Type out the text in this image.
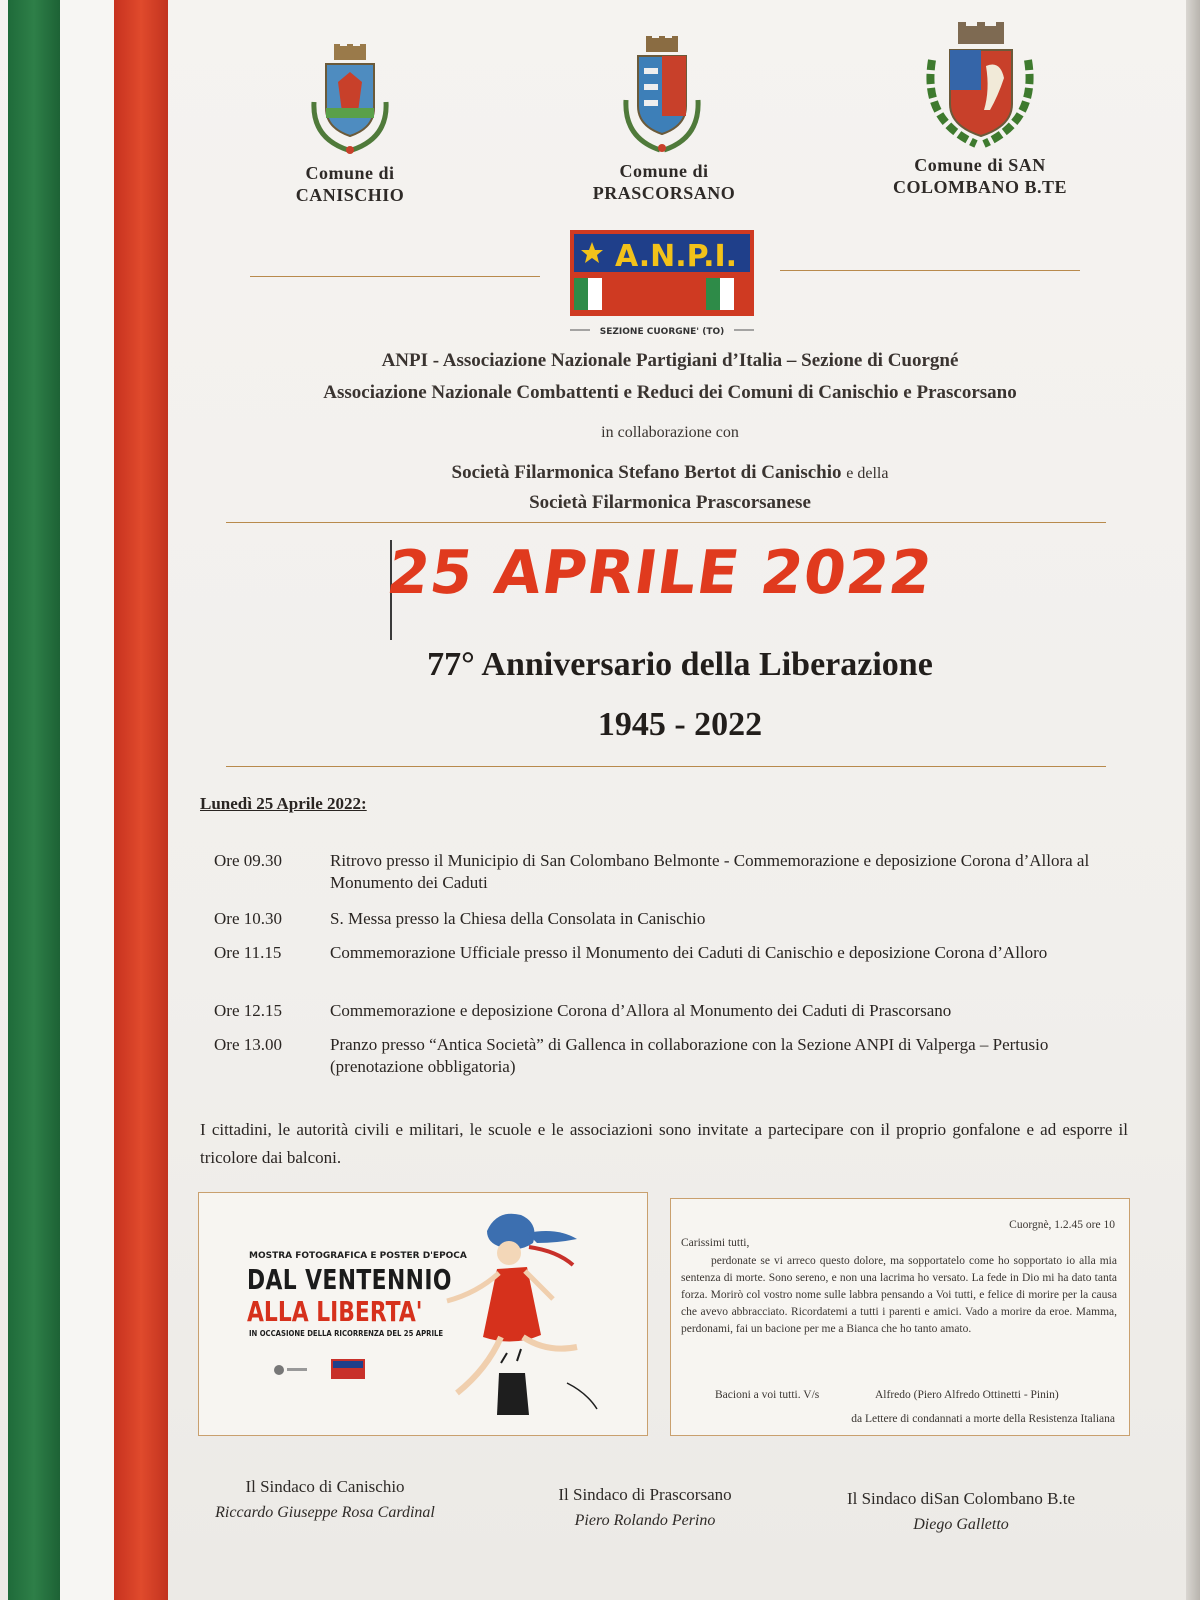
Comune di
CANISCHIO
Comune di
PRASCORSANO
Comune di SAN
COLOMBANO B.TE
A.N.P.I.
SEZIONE CUORGNE' (TO)
ANPI - Associazione Nazionale Partigiani d’Italia – Sezione di Cuorgné
Associazione Nazionale Combattenti e Reduci dei Comuni di Canischio e Prascorsano
in collaborazione con
Società Filarmonica Stefano Bertot di Canischio e della
Società Filarmonica Prascorsanese
25 APRILE 2022
77° Anniversario della Liberazione
1945 - 2022
Lunedì 25 Aprile 2022:
Ore 09.30	Ritrovo presso il Municipio di San Colombano Belmonte - Commemorazione e deposizione Corona d’Allora al Monumento dei Caduti
Ore 10.30	S. Messa presso la Chiesa della Consolata in Canischio
Ore 11.15	Commemorazione Ufficiale presso il Monumento dei Caduti di Canischio e deposizione Corona d’Alloro
Ore 12.15	Commemorazione e deposizione Corona d’Allora al Monumento dei Caduti di Prascorsano
Ore 13.00	Pranzo presso “Antica Società” di Gallenca in collaborazione con la Sezione ANPI di Valperga – Pertusio (prenotazione obbligatoria)
I cittadini, le autorità civili e militari, le scuole e le associazioni sono invitate a partecipare con il proprio gonfalone e ad esporre il tricolore dai balconi.
MOSTRA FOTOGRAFICA E POSTER D'EPOCA
DAL VENTENNIO
ALLA LIBERTA'
IN OCCASIONE DELLA RICORRENZA DEL 25 APRILE
Cuorgnè, 1.2.45 ore 10
Carissimi tutti,

perdonate se vi arreco questo dolore, ma sopportatelo come ho sopportato io alla mia sentenza di morte. Sono sereno, e non una lacrima ho versato. La fede in Dio mi ha dato tanta forza. Morirò col vostro nome sulle labbra pensando a Voi tutti, e felice di morire per la causa che avevo abbracciato. Ricordatemi a tutti i parenti e amici. Vado a morire da eroe. Mamma, perdonami, fai un bacione per me a Bianca che ho tanto amato.

Bacioni a voi tutti. V/s	Alfredo (Piero Alfredo Ottinetti - Pinin)
da Lettere di condannati a morte della Resistenza Italiana
Il Sindaco di Canischio
Riccardo Giuseppe Rosa Cardinal
Il Sindaco di Prascorsano
Piero Rolando Perino
Il Sindaco diSan Colombano B.te
Diego Galletto
